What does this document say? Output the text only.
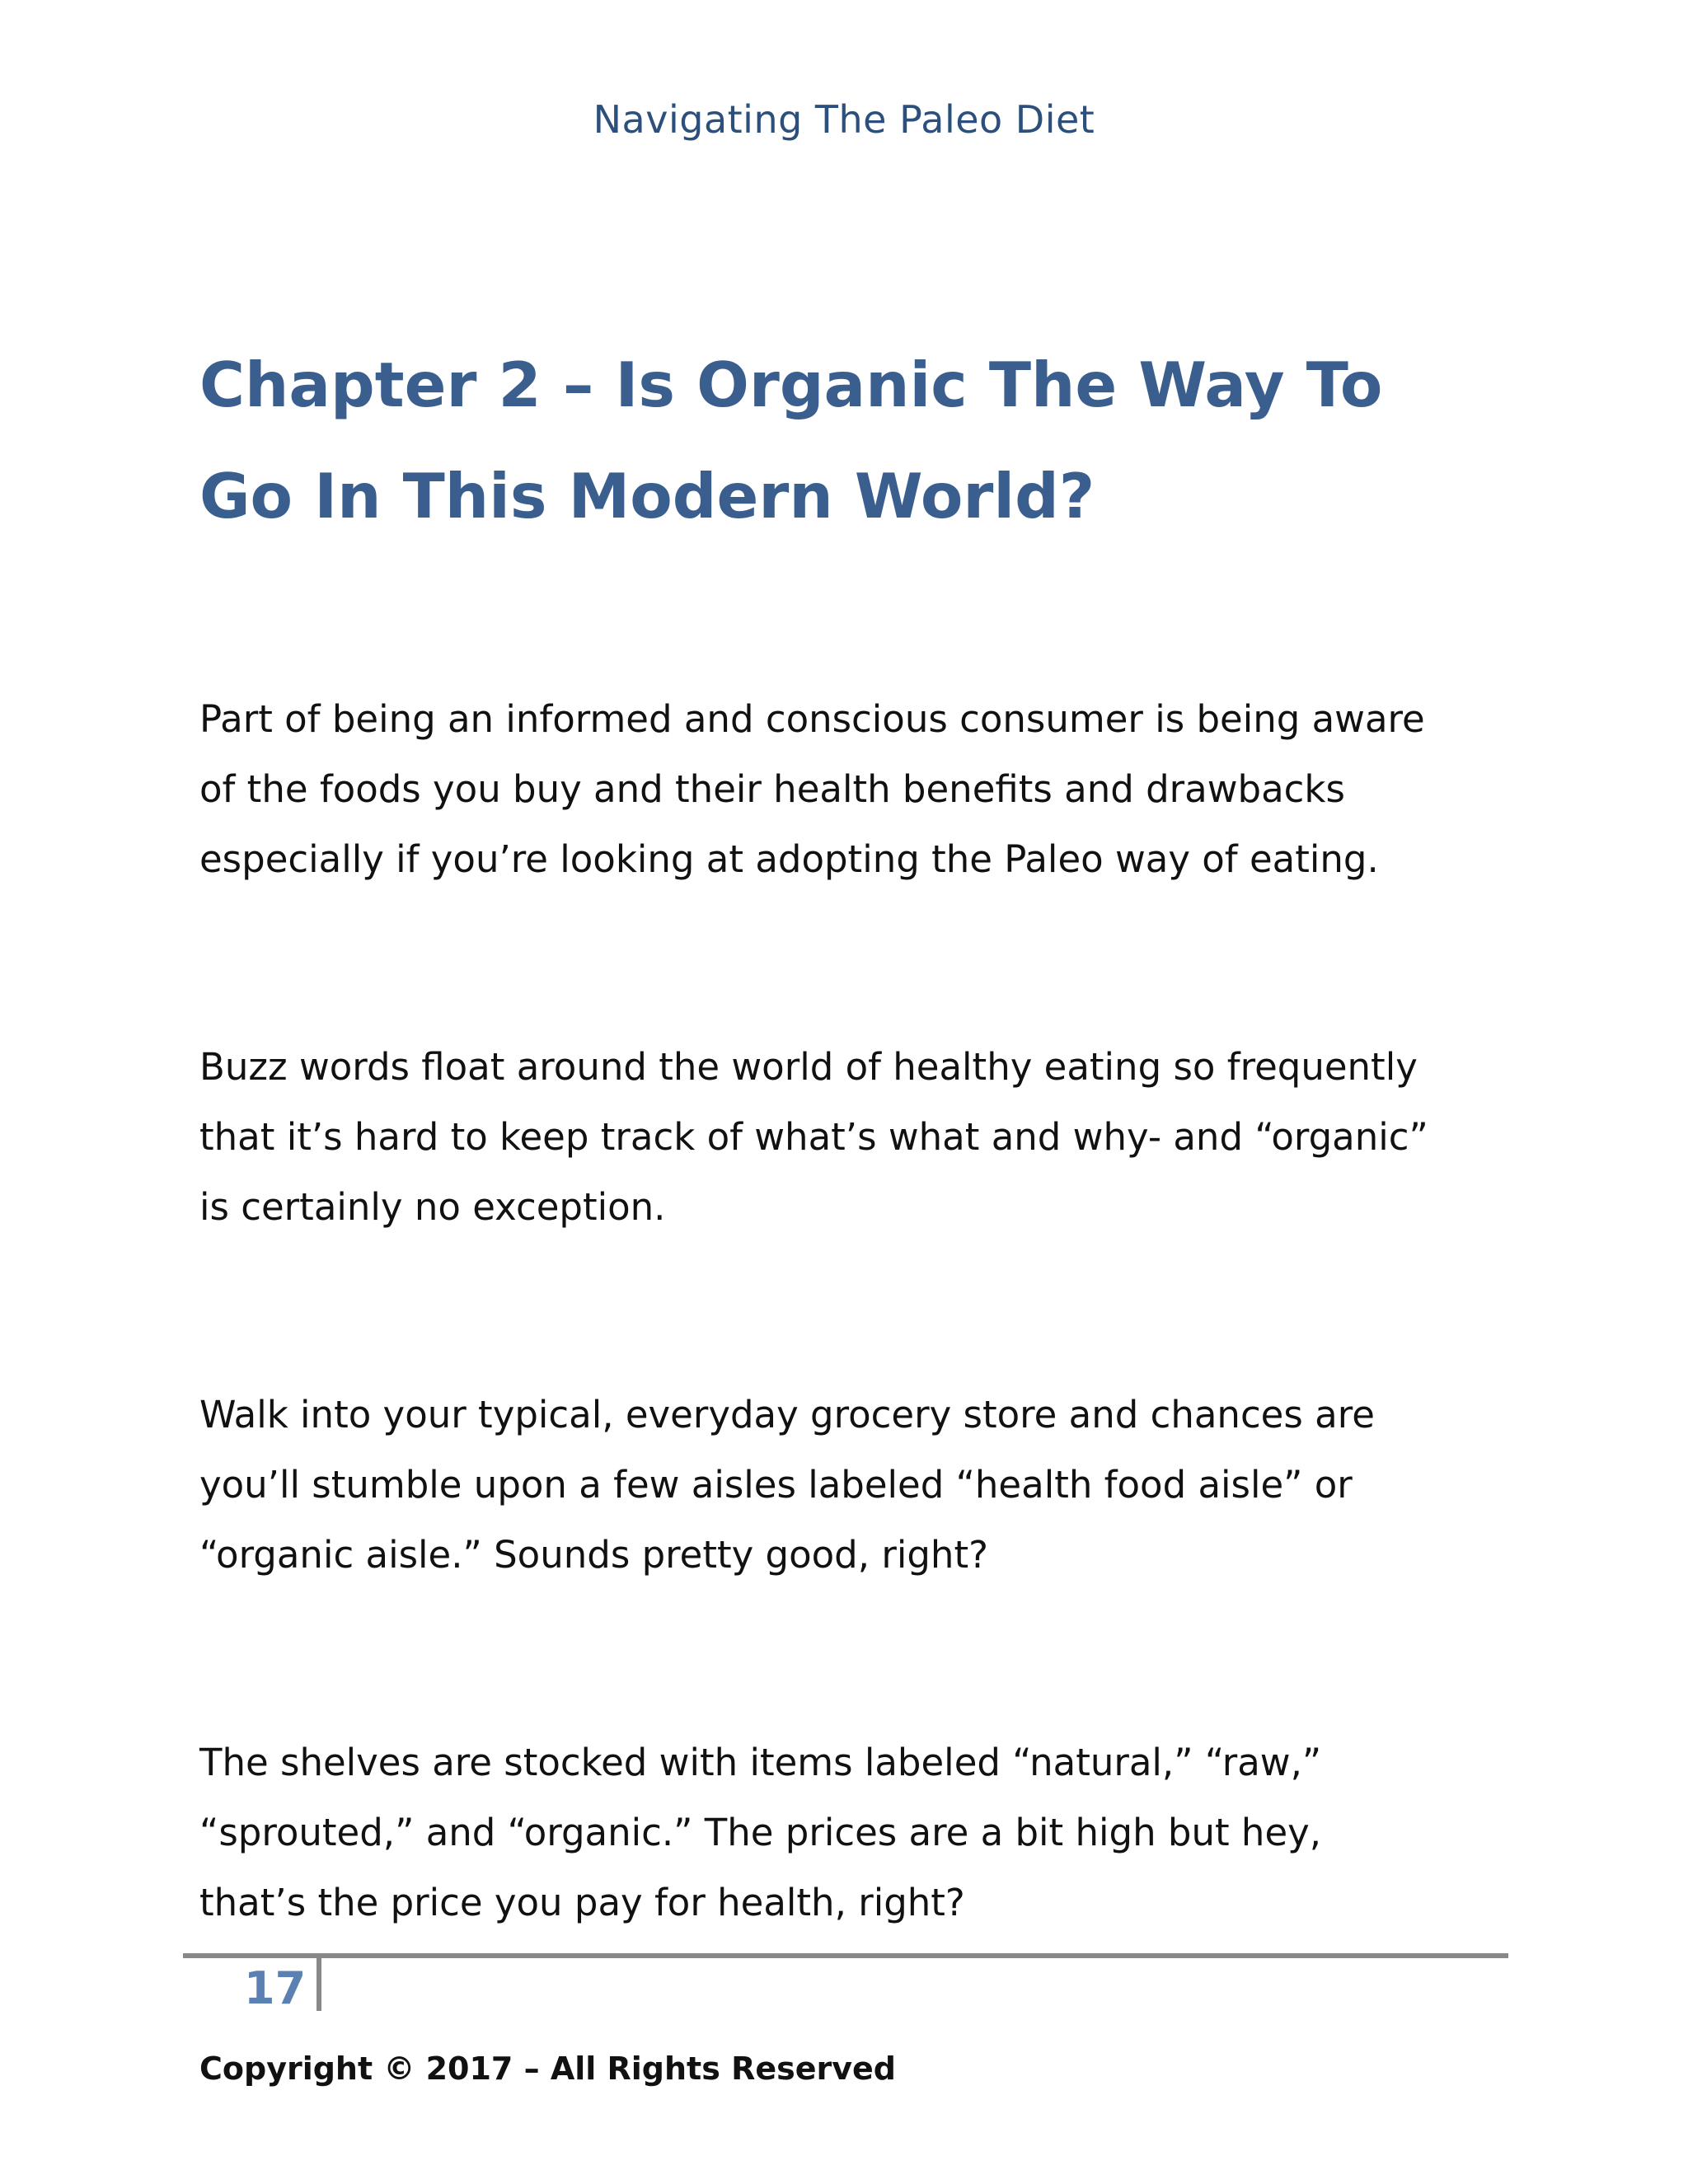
Navigating The Paleo Diet
Chapter 2 – Is Organic The Way To
Go In This Modern World?

Part of being an informed and conscious consumer is being aware
of the foods you buy and their health benefits and drawbacks
especially if you’re looking at adopting the Paleo way of eating.

Buzz words float around the world of healthy eating so frequently
that it’s hard to keep track of what’s what and why- and “organic”
is certainly no exception.

Walk into your typical, everyday grocery store and chances are
you’ll stumble upon a few aisles labeled “health food aisle” or
“organic aisle.” Sounds pretty good, right?

The shelves are stocked with items labeled “natural,” “raw,”
“sprouted,” and “organic.” The prices are a bit high but hey,
that’s the price you pay for health, right?

17
Copyright © 2017 – All Rights Reserved
